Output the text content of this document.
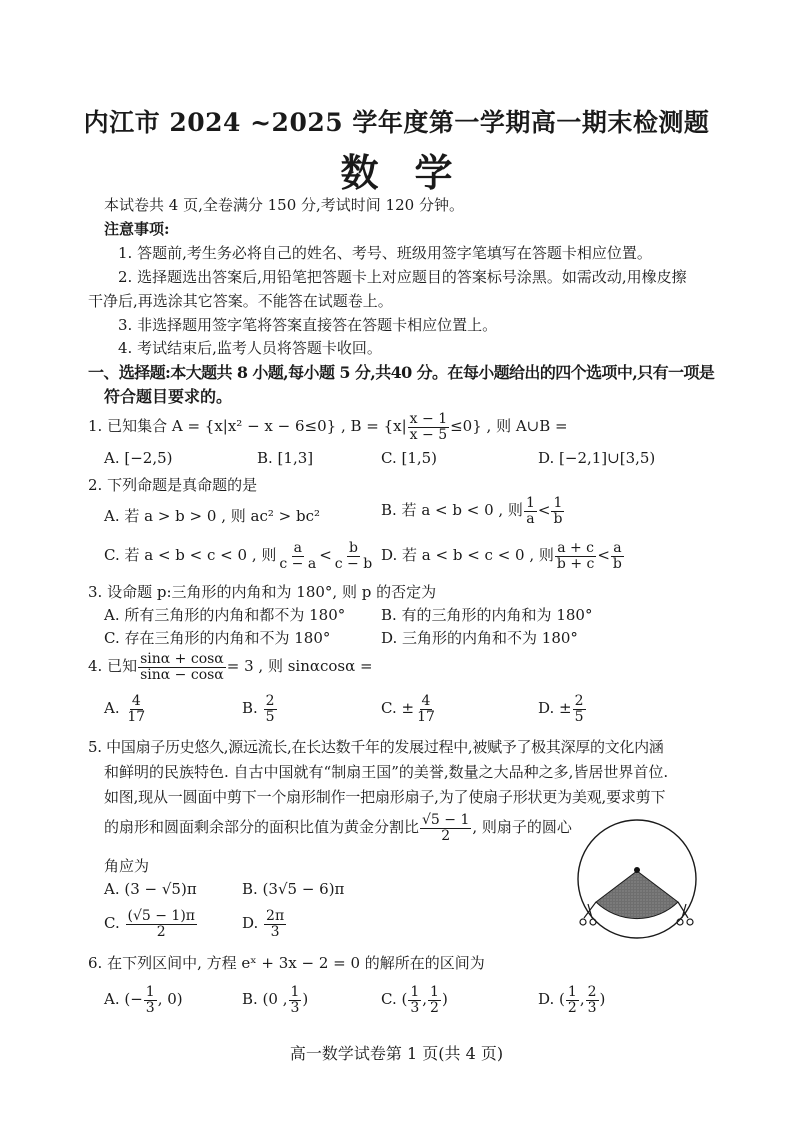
内江市 2024 ~2025 学年度第一学期高一期末检测题
数学
本试卷共 4 页,全卷满分 150 分,考试时间 120 分钟。
注意事项:
1. 答题前,考生务必将自己的姓名、考号、班级用签字笔填写在答题卡相应位置。
2. 选择题选出答案后,用铅笔把答题卡上对应题目的答案标号涂黑。如需改动,用橡皮擦
干净后,再选涂其它答案。不能答在试题卷上。
3. 非选择题用签字笔将答案直接答在答题卡相应位置上。
4. 考试结束后,监考人员将答题卡收回。
一、选择题:本大题共 8 小题,每小题 5 分,共40 分。在每小题给出的四个选项中,只有一项是
符合题目要求的。
1. 已知集合 A = {x|x² − x − 6≤0} , $B = \{x| \frac{x - 1}{x - 5} \le 0\}$ , 则 A∪B =
A. [−2,5)	B. [1,3]	C. [1,5)	D. [−2,1]∪[3,5)
2. 下列命题是真命题的是
A. 若 a > b > 0 , 则 ac² > bc²	B. 若 a < b < 0 , 则 $\frac{1}{a} < \frac{1}{b}$
C. 若 a < b < c < 0 , 则 $\frac{a}{c - a} < \frac{b}{c - b} D$. 若 a < b < c < 0 , 则 $\frac{a + c}{b + c} < \frac{a}{b}$
3. 设命题 p:三角形的内角和为 180°, 则 p 的否定为
A. 所有三角形的内角和都不为 180° B. 有的三角形的内角和为 180°
C. 存在三角形的内角和不为 180°	D. 三角形的内角和不为 180°
4. 已知 $\frac{\sin\alpha + \cos\alpha}{\sin\alpha - \cos\alpha} = 3$ , 则 sinαcosα =
A. $\frac{4}{17}$	B. $\frac{2}{5}$	C. ± $\frac{4}{17}$	D. ± $\frac{2}{5}$
5. 中国扇子历史悠久,源远流长,在长达数千年的发展过程中,被赋予了极其深厚的文化内涵
和鲜明的民族特色. 自古中国就有“制扇王国”的美誉,数量之大品种之多,皆居世界首位.
如图,现从一圆面中剪下一个扇形制作一把扇形扇子,为了使扇子形状更为美观,要求剪下
的扇形和圆面剩余部分的面积比值为黄金分割比 $\frac{√5 - 1}{2}$ , 则扇子的圆心
角应为
A. (3 − √5)π	B. (3√5 − 6)π
C. $\frac{(√5 - 1)\pi}{2}$	D. $\frac{2\pi}{3}$
6. 在下列区间中, 方程 eˣ + 3x − 2 = 0 的解所在的区间为
A. (− $\frac{1}{3}$ , 0)	B. (0 , $\frac{1}{3}$ )	C. ( $\frac{1}{3}$ , $\frac{1}{2}$ )	D. ( $\frac{1}{2}$ , $\frac{2}{3}$ )
高一数学试卷第 1 页(共 4 页)
